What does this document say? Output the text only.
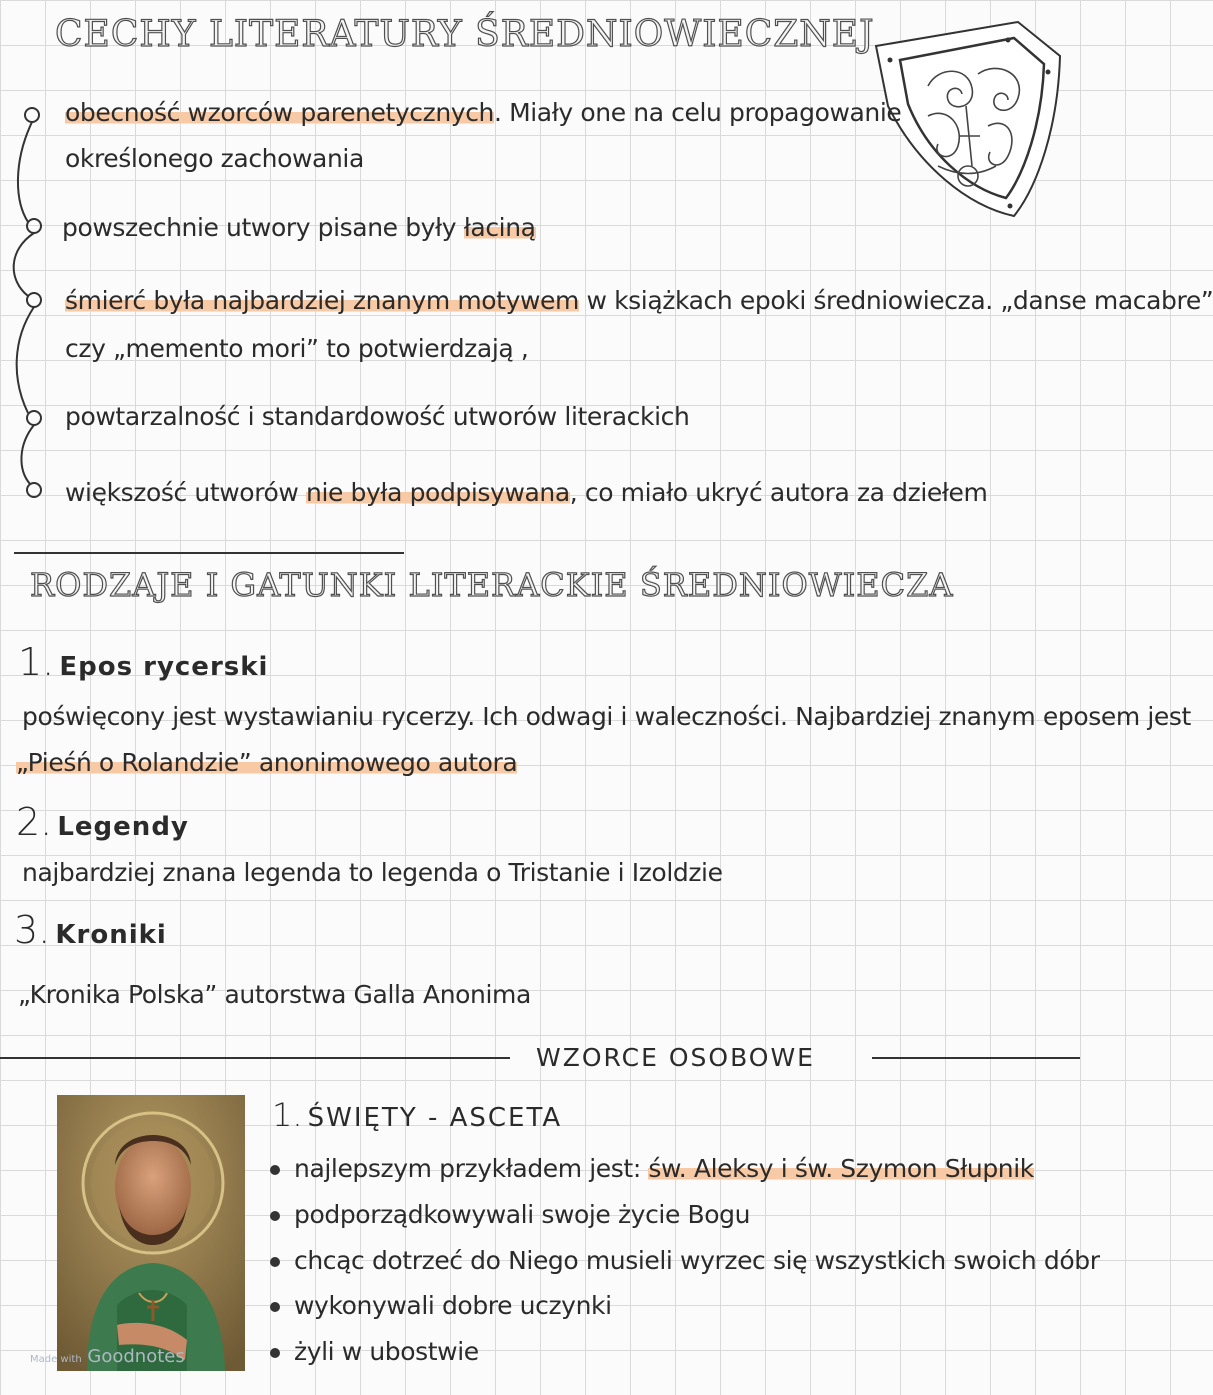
CECHY LITERATURY ŚREDNIOWIECZNEJ
obecność wzorców parenetycznych. Miały one na celu propagowanie
określonego zachowania
powszechnie utwory pisane były łaciną
śmierć była najbardziej znanym motywem w książkach epoki średniowiecza. „danse macabre”
czy „memento mori” to potwierdzają ,
powtarzalność i standardowość utworów literackich
większość utworów nie była podpisywana, co miało ukryć autora za dziełem
RODZAJE I GATUNKI LITERACKIE ŚREDNIOWIECZA
1. Epos rycerski
poświęcony jest wystawianiu rycerzy. Ich odwagi i waleczności. Najbardziej znanym eposem jest
„Pieśń o Rolandzie” anonimowego autora
2. Legendy
najbardziej znana legenda to legenda o Tristanie i Izoldzie
3. Kroniki
„Kronika Polska” autorstwa Galla Anonima
WZORCE OSOBOWE
Made with Goodnotes
1. ŚWIĘTY - ASCETA
najlepszym przykładem jest: św. Aleksy i św. Szymon Słupnik
podporządkowywali swoje życie Bogu
chcąc dotrzeć do Niego musieli wyrzec się wszystkich swoich dóbr
wykonywali dobre uczynki
żyli w ubostwie
